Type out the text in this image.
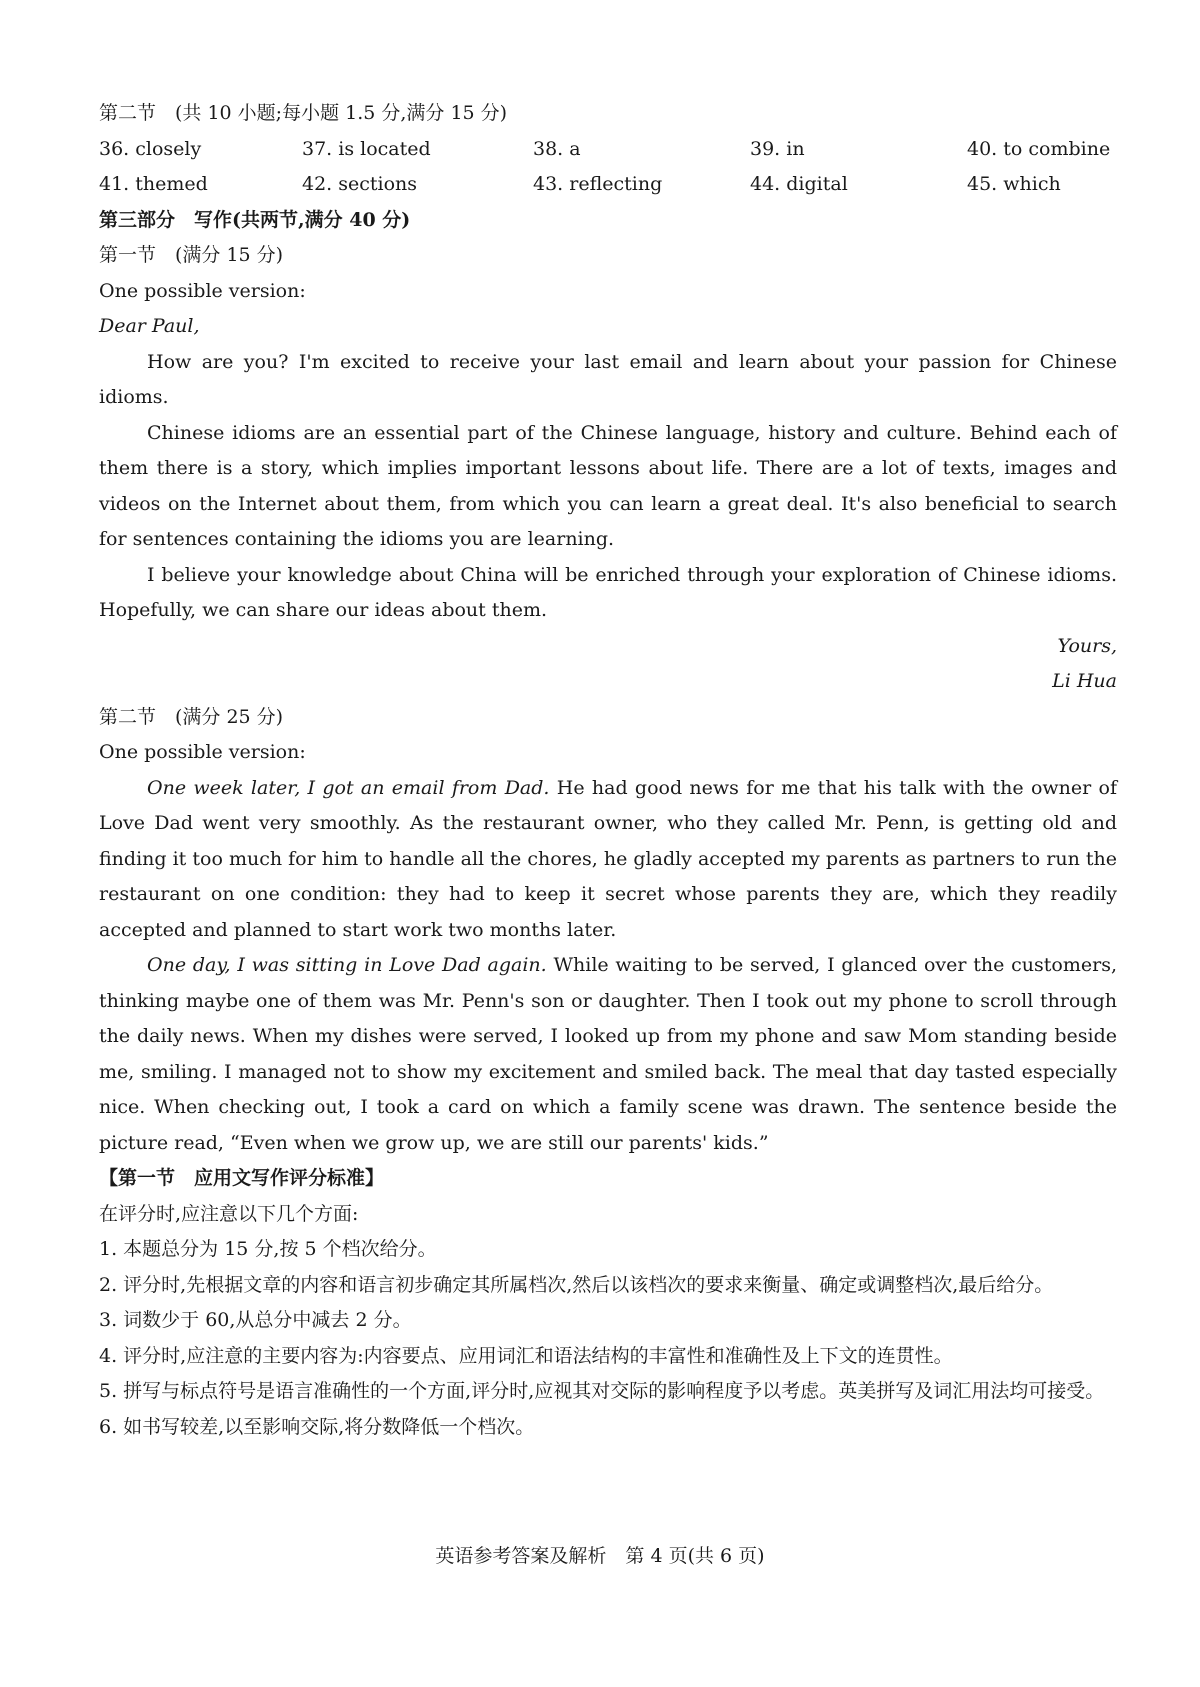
第二节　(共 10 小题;每小题 1.5 分,满分 15 分)
36. closely	37. is located	38. a	39. in	40. to combine
41. themed	42. sections	43. reflecting	44. digital	45. which
第三部分　写作(共两节,满分 40 分)
第一节　(满分 15 分)
One possible version:
Dear Paul,

How are you? I'm excited to receive your last email and learn about your passion for Chinese idioms.

Chinese idioms are an essential part of the Chinese language, history and culture. Behind each of them there is a story, which implies important lessons about life. There are a lot of texts, images and videos on the Internet about them, from which you can learn a great deal. It's also beneficial to search for sentences containing the idioms you are learning.

I believe your knowledge about China will be enriched through your exploration of Chinese idioms. Hopefully, we can share our ideas about them.

Yours,
Li Hua
第二节　(满分 25 分)
One possible version:

One week later, I got an email from Dad. He had good news for me that his talk with the owner of Love Dad went very smoothly. As the restaurant owner, who they called Mr. Penn, is getting old and finding it too much for him to handle all the chores, he gladly accepted my parents as partners to run the restaurant on one condition: they had to keep it secret whose parents they are, which they readily accepted and planned to start work two months later.

One day, I was sitting in Love Dad again. While waiting to be served, I glanced over the customers, thinking maybe one of them was Mr. Penn's son or daughter. Then I took out my phone to scroll through the daily news. When my dishes were served, I looked up from my phone and saw Mom standing beside me, smiling. I managed not to show my excitement and smiled back. The meal that day tasted especially nice. When checking out, I took a card on which a family scene was drawn. The sentence beside the picture read, “Even when we grow up, we are still our parents' kids.”

【第一节　应用文写作评分标准】
在评分时,应注意以下几个方面:

1. 本题总分为 15 分,按 5 个档次给分。

2. 评分时,先根据文章的内容和语言初步确定其所属档次,然后以该档次的要求来衡量、确定或调整档次,最后给分。

3. 词数少于 60,从总分中减去 2 分。

4. 评分时,应注意的主要内容为:内容要点、应用词汇和语法结构的丰富性和准确性及上下文的连贯性。

5. 拼写与标点符号是语言准确性的一个方面,评分时,应视其对交际的影响程度予以考虑。英美拼写及词汇用法均可接受。

6. 如书写较差,以至影响交际,将分数降低一个档次。

英语参考答案及解析　第 4 页(共 6 页)
